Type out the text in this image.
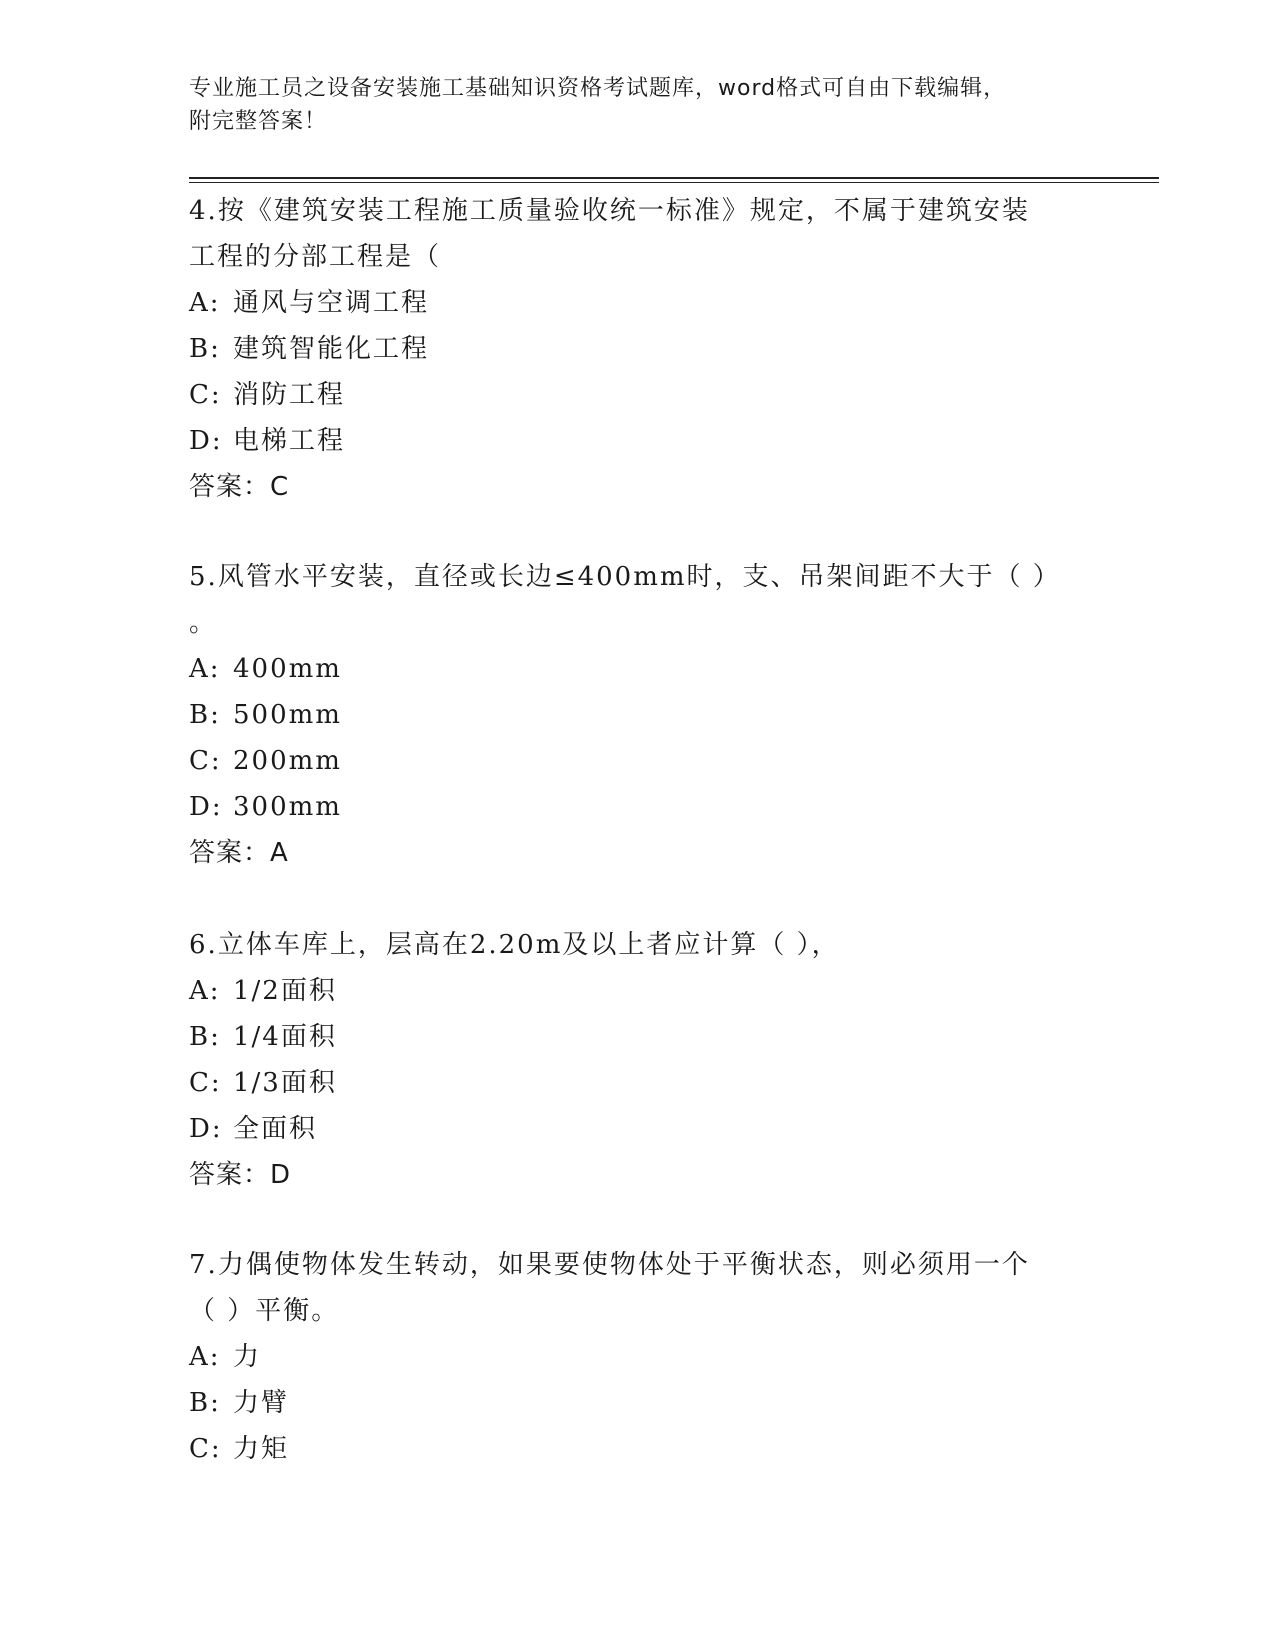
专业施工员之设备安装施工基础知识资格考试题库，word格式可自由下载编辑，
附完整答案！

4.按《建筑安装工程施工质量验收统一标准》规定，不属于建筑安装

工程的分部工程是（

A: 通风与空调工程

B: 建筑智能化工程

C: 消防工程

D: 电梯工程

答案：C

5.风管水平安装，直径或长边≤400mm时，支、吊架间距不大于（ ）

。

A: 400mm

B: 500mm

C: 200mm

D: 300mm

答案：A

6.立体车库上，层高在2.20m及以上者应计算（ ），

A: 1/2面积

B: 1/4面积

C: 1/3面积

D: 全面积

答案：D

7.力偶使物体发生转动，如果要使物体处于平衡状态，则必须用一个

（ ）平衡。

A: 力

B: 力臂

C: 力矩
